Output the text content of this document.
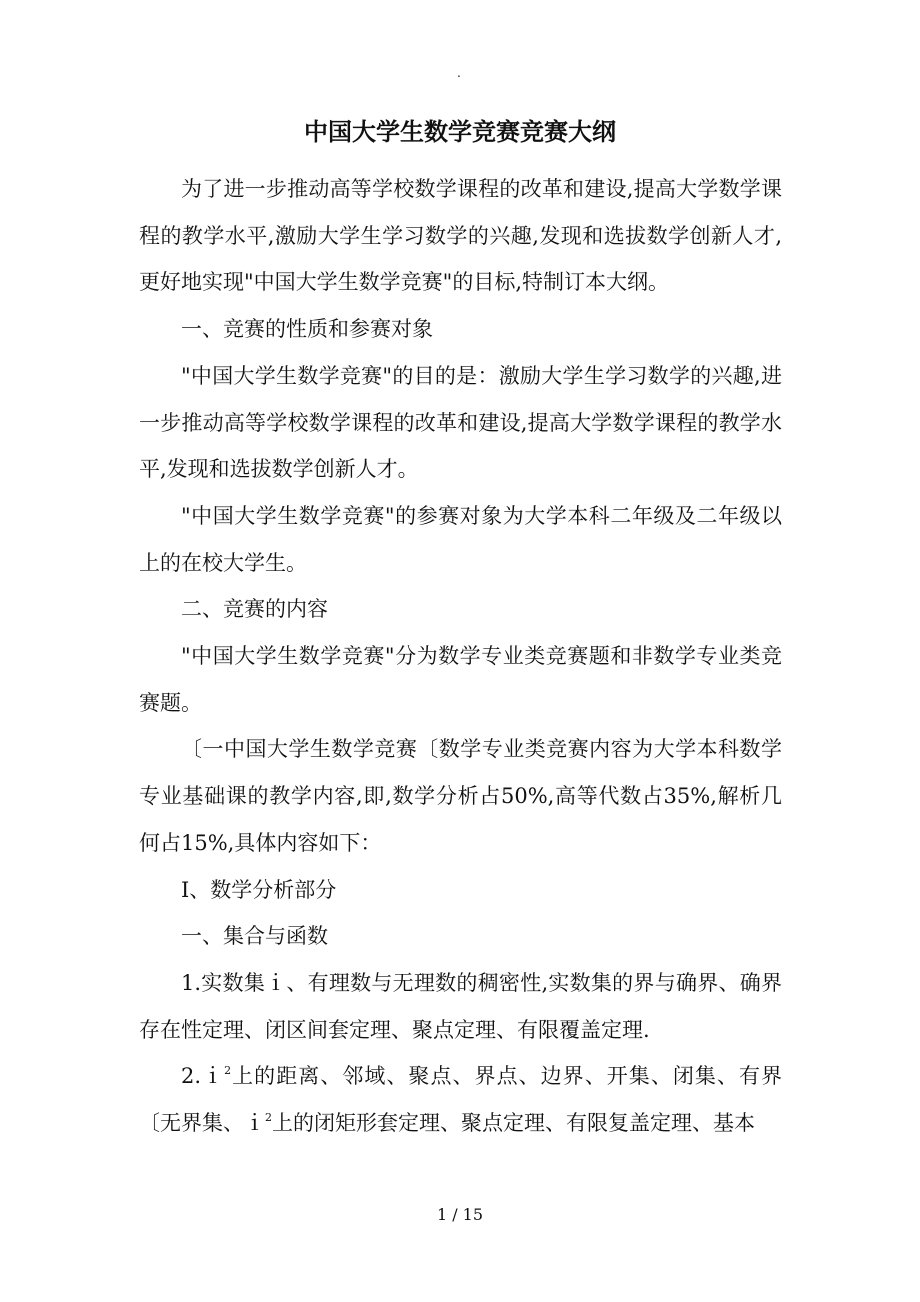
.
中国大学生数学竞赛竞赛大纲

为了进一步推动高等学校数学课程的改革和建设,提高大学数学课程的教学水平,激励大学生学习数学的兴趣,发现和选拔数学创新人才,更好地实现"中国大学生数学竞赛"的目标,特制订本大纲。

一、竞赛的性质和参赛对象

"中国大学生数学竞赛"的目的是：激励大学生学习数学的兴趣,进一步推动高等学校数学课程的改革和建设,提高大学数学课程的教学水平,发现和选拔数学创新人才。

"中国大学生数学竞赛"的参赛对象为大学本科二年级及二年级以上的在校大学生。

二、竞赛的内容

"中国大学生数学竞赛"分为数学专业类竞赛题和非数学专业类竞赛题。

〔一中国大学生数学竞赛〔数学专业类竞赛内容为大学本科数学专业基础课的教学内容,即,数学分析占50%,高等代数占35%,解析几何占15%,具体内容如下：

Ⅰ、数学分析部分

一、集合与函数

1.实数集ｉ、有理数与无理数的稠密性,实数集的界与确界、确界存在性定理、闭区间套定理、聚点定理、有限覆盖定理.

2.ｉ$^2$上的距离、邻域、聚点、界点、边界、开集、闭集、有界〔无界集、ｉ$^2$上的闭矩形套定理、聚点定理、有限复盖定理、基本

1 / 15
